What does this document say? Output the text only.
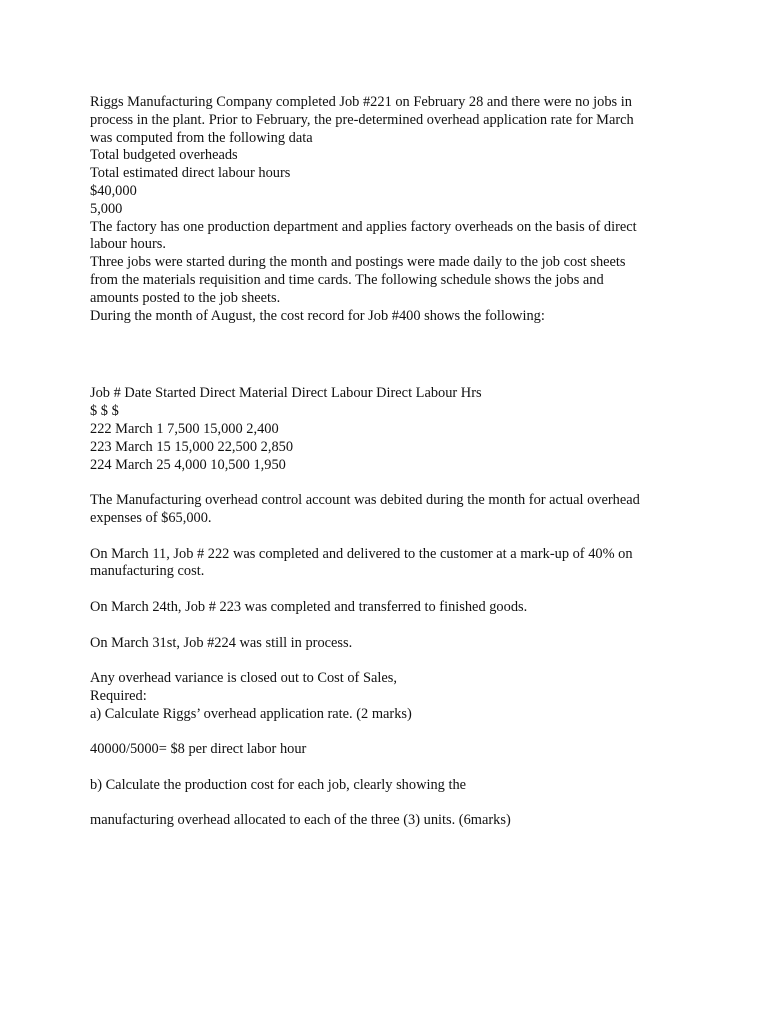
Riggs Manufacturing Company completed Job #221 on February 28 and there were no jobs in
process in the plant. Prior to February, the pre-determined overhead application rate for March
was computed from the following data
Total budgeted overheads
Total estimated direct labour hours
$40,000
5,000
The factory has one production department and applies factory overheads on the basis of direct
labour hours.
Three jobs were started during the month and postings were made daily to the job cost sheets
from the materials requisition and time cards. The following schedule shows the jobs and
amounts posted to the job sheets.
During the month of August, the cost record for Job #400 shows the following:
Job # Date Started Direct Material Direct Labour Direct Labour Hrs
$ $ $
222 March 1 7,500 15,000 2,400
223 March 15 15,000 22,500 2,850
224 March 25 4,000 10,500 1,950
The Manufacturing overhead control account was debited during the month for actual overhead
expenses of $65,000.
On March 11, Job # 222 was completed and delivered to the customer at a mark-up of 40% on
manufacturing cost.
On March 24th, Job # 223 was completed and transferred to finished goods.
On March 31st, Job #224 was still in process.
Any overhead variance is closed out to Cost of Sales,
Required:
a) Calculate Riggs’ overhead application rate. (2 marks)
40000/5000= $8 per direct labor hour
b) Calculate the production cost for each job, clearly showing the
manufacturing overhead allocated to each of the three (3) units. (6marks)
